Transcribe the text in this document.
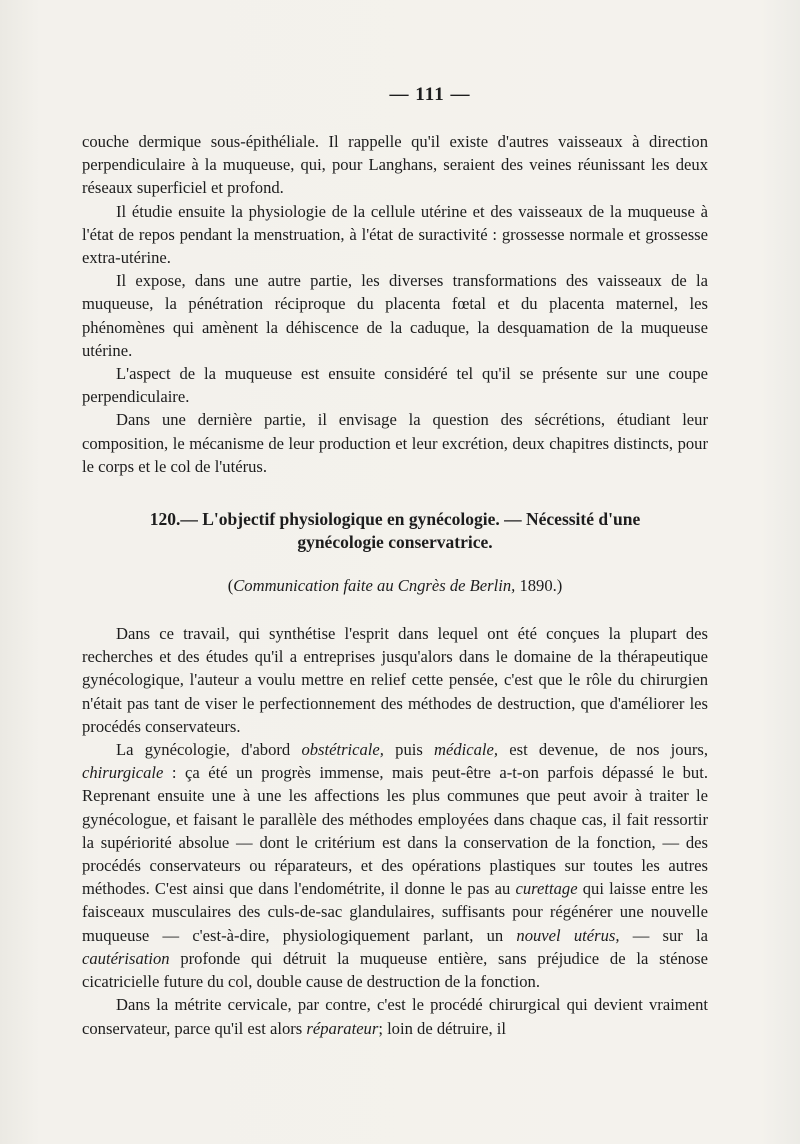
— 111 —

couche dermique sous-épithéliale. Il rappelle qu'il existe d'autres vaisseaux à direction perpendiculaire à la muqueuse, qui, pour Langhans, seraient des veines réunissant les deux réseaux superficiel et profond.

Il étudie ensuite la physiologie de la cellule utérine et des vaisseaux de la muqueuse à l'état de repos pendant la menstruation, à l'état de suractivité : grossesse normale et grossesse extra-utérine.

Il expose, dans une autre partie, les diverses transformations des vaisseaux de la muqueuse, la pénétration réciproque du placenta fœtal et du placenta maternel, les phénomènes qui amènent la déhiscence de la caduque, la desquamation de la muqueuse utérine.

L'aspect de la muqueuse est ensuite considéré tel qu'il se présente sur une coupe perpendiculaire.

Dans une dernière partie, il envisage la question des sécrétions, étudiant leur composition, le mécanisme de leur production et leur excrétion, deux chapitres distincts, pour le corps et le col de l'utérus.

120.— L'objectif physiologique en gynécologie. — Nécessité d'une
gynécologie conservatrice.
(Communication faite au Cngrès de Berlin, 1890.)

Dans ce travail, qui synthétise l'esprit dans lequel ont été conçues la plupart des recherches et des études qu'il a entreprises jusqu'alors dans le domaine de la thérapeutique gynécologique, l'auteur a voulu mettre en relief cette pensée, c'est que le rôle du chirurgien n'était pas tant de viser le perfectionnement des méthodes de destruction, que d'améliorer les procédés conservateurs.

La gynécologie, d'abord obstétricale, puis médicale, est devenue, de nos jours, chirurgicale : ça été un progrès immense, mais peut-être a-t-on parfois dépassé le but. Reprenant ensuite une à une les affections les plus communes que peut avoir à traiter le gynécologue, et faisant le parallèle des méthodes employées dans chaque cas, il fait ressortir la supériorité absolue — dont le critérium est dans la conservation de la fonction, — des procédés conservateurs ou réparateurs, et des opérations plastiques sur toutes les autres méthodes. C'est ainsi que dans l'endométrite, il donne le pas au curettage qui laisse entre les faisceaux musculaires des culs-de-sac glandulaires, suffisants pour régénérer une nouvelle muqueuse — c'est-à-dire, physiologiquement parlant, un nouvel utérus, — sur la cautérisation profonde qui détruit la muqueuse entière, sans préjudice de la sténose cicatricielle future du col, double cause de destruction de la fonction.

Dans la métrite cervicale, par contre, c'est le procédé chirurgical qui devient vraiment conservateur, parce qu'il est alors réparateur; loin de détruire, il
